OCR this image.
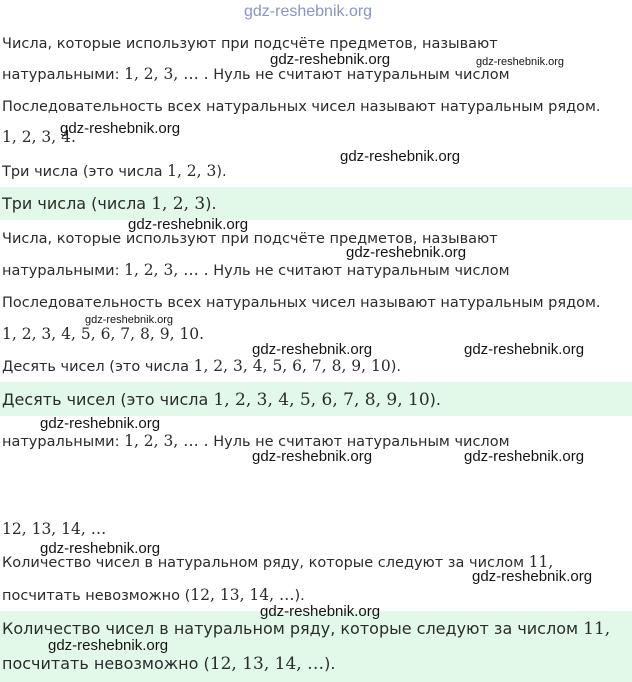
Числа, которые используют при подсчёте предметов, называют
натуральными: 1, 2, 3, … . Нуль не считают натуральным числом
Последовательность всех натуральных чисел называют натуральным рядом.
1, 2, 3, 4.
Три числа (это числа 1, 2, 3).
Три числа (числа 1, 2, 3).
Числа, которые используют при подсчёте предметов, называют
натуральными: 1, 2, 3, … . Нуль не считают натуральным числом
Последовательность всех натуральных чисел называют натуральным рядом.
1, 2, 3, 4, 5, 6, 7, 8, 9, 10.
Десять чисел (это числа 1, 2, 3, 4, 5, 6, 7, 8, 9, 10).
Десять чисел (это числа 1, 2, 3, 4, 5, 6, 7, 8, 9, 10).
натуральными: 1, 2, 3, … . Нуль не считают натуральным числом
12, 13, 14, …
Количество чисел в натуральном ряду, которые следуют за числом 11,
посчитать невозможно (12, 13, 14, …).
Количество чисел в натуральном ряду, которые следуют за числом 11,
посчитать невозможно (12, 13, 14, …).
gdz-reshebnik.org
gdz-reshebnik.org	gdz-reshebnik.org
gdz-reshebnik.org
gdz-reshebnik.org
gdz-reshebnik.org
gdz-reshebnik.org
gdz-reshebnik.org
gdz-reshebnik.org	gdz-reshebnik.org
gdz-reshebnik.org
gdz-reshebnik.org	gdz-reshebnik.org
gdz-reshebnik.org
gdz-reshebnik.org
gdz-reshebnik.org
gdz-reshebnik.org
